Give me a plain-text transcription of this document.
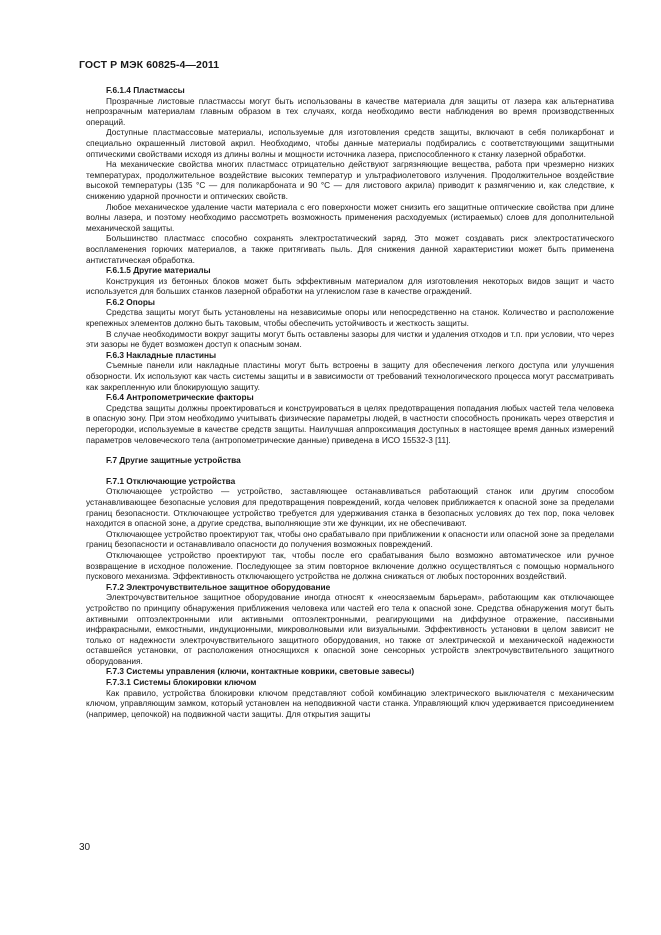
ГОСТ Р МЭК 60825-4—2011
F.6.1.4 Пластмассы

Прозрачные листовые пластмассы могут быть использованы в качестве материала для защиты от лазера как альтернатива непрозрачным материалам главным образом в тех случаях, когда необходимо вести наблюдения во время производственных операций.

Доступные пластмассовые материалы, используемые для изготовления средств защиты, включают в себя поликарбонат и специально окрашенный листовой акрил. Необходимо, чтобы данные материалы подбирались с соответствующими защитными оптическими свойствами исходя из длины волны и мощности источника лазера, приспособленного к станку лазерной обработки.

На механические свойства многих пластмасс отрицательно действуют загрязняющие вещества, работа при чрезмерно низких температурах, продолжительное воздействие высоких температур и ультрафиолетового излучения. Продолжительное воздействие высокой температуры (135 °С — для поликарбоната и 90 °С — для листового акрила) приводит к размягчению и, как следствие, к снижению ударной прочности и оптических свойств.

Любое механическое удаление части материала с его поверхности может снизить его защитные оптические свойства при длине волны лазера, и поэтому необходимо рассмотреть возможность применения расходуемых (истираемых) слоев для дополнительной механической защиты.

Большинство пластмасс способно сохранять электростатический заряд. Это может создавать риск электростатического воспламенения горючих материалов, а также притягивать пыль. Для снижения данной характеристики может быть применена антистатическая обработка.

F.6.1.5 Другие материалы

Конструкция из бетонных блоков может быть эффективным материалом для изготовления некоторых видов защит и часто используется для больших станков лазерной обработки на углекислом газе в качестве ограждений.

F.6.2 Опоры

Средства защиты могут быть установлены на независимые опоры или непосредственно на станок. Количество и расположение крепежных элементов должно быть таковым, чтобы обеспечить устойчивость и жесткость защиты.

В случае необходимости вокруг защиты могут быть оставлены зазоры для чистки и удаления отходов и т.п. при условии, что через эти зазоры не будет возможен доступ к опасным зонам.

F.6.3 Накладные пластины

Съемные панели или накладные пластины могут быть встроены в защиту для обеспечения легкого доступа или улучшения обзорности. Их используют как часть системы защиты и в зависимости от требований технологического процесса могут рассматривать как закрепленную или блокирующую защиту.

F.6.4 Антропометрические факторы

Средства защиты должны проектироваться и конструироваться в целях предотвращения попадания любых частей тела человека в опасную зону. При этом необходимо учитывать физические параметры людей, в частности способность проникать через отверстия и перегородки, используемые в качестве средств защиты. Наилучшая аппроксимация доступных в настоящее время данных измерений параметров человеческого тела (антропометрические данные) приведена в ИСО 15532-3 [11].

F.7 Другие защитные устройства
F.7.1 Отключающие устройства

Отключающее устройство — устройство, заставляющее останавливаться работающий станок или другим способом устанавливающее безопасные условия для предотвращения повреждений, когда человек приближается к опасной зоне за пределами границ безопасности. Отключающее устройство требуется для удерживания станка в безопасных условиях до тех пор, пока человек находится в опасной зоне, а другие средства, выполняющие эти же функции, их не обеспечивают.

Отключающее устройство проектируют так, чтобы оно срабатывало при приближении к опасности или опасной зоне за пределами границ безопасности и останавливало опасности до получения возможных повреждений.

Отключающее устройство проектируют так, чтобы после его срабатывания было возможно автоматическое или ручное возвращение в исходное положение. Последующее за этим повторное включение должно осуществляться с помощью нормального пускового механизма. Эффективность отключающего устройства не должна снижаться от любых посторонних воздействий.

F.7.2 Электрочувствительное защитное оборудование

Электрочувствительное защитное оборудование иногда относят к «неосязаемым барьерам», работающим как отключающее устройство по принципу обнаружения приближения человека или частей его тела к опасной зоне. Средства обнаружения могут быть активными оптоэлектронными или активными оптоэлектронными, реагирующими на диффузное отражение, пассивными инфракрасными, емкостными, индукционными, микроволновыми или визуальными. Эффективность установки в целом зависит не только от надежности электрочувствительного защитного оборудования, но также от электрической и механической надежности оставшейся установки, от расположения относящихся к опасной зоне сенсорных устройств электрочувствительного защитного оборудования.

F.7.3 Системы управления (ключи, контактные коврики, световые завесы)
F.7.3.1 Системы блокировки ключом

Как правило, устройства блокировки ключом представляют собой комбинацию электрического выключателя с механическим ключом, управляющим замком, который установлен на неподвижной части станка. Управляющий ключ удерживается присоединением (например, цепочкой) на подвижной части защиты. Для открытия защиты

30
